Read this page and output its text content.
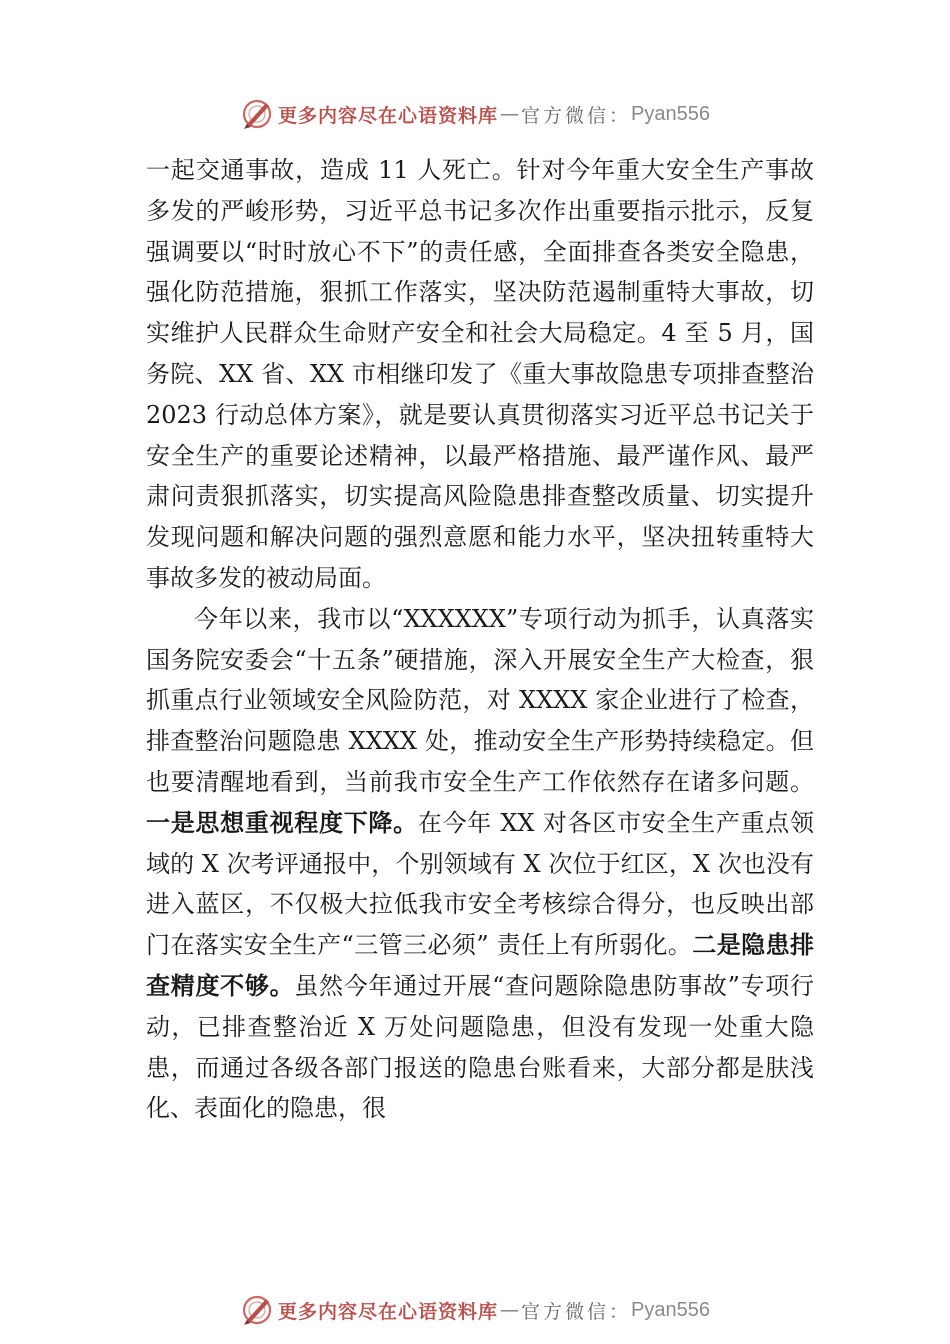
更多内容尽在心语资料库 — 官方微信： Pyan556

一起交通事故，造成 11 人死亡。针对今年重大安全生产事故多发的严峻形势，习近平总书记多次作出重要指示批示，反复强调要以“时时放心不下”的责任感，全面排查各类安全隐患，强化防范措施，狠抓工作落实，坚决防范遏制重特大事故，切实维护人民群众生命财产安全和社会大局稳定。4 至 5 月，国务院、XX 省、XX 市相继印发了《重大事故隐患专项排查整治 2023 行动总体方案》，就是要认真贯彻落实习近平总书记关于安全生产的重要论述精神，以最严格措施、最严谨作风、最严肃问责狠抓落实，切实提高风险隐患排查整改质量、切实提升发现问题和解决问题的强烈意愿和能力水平，坚决扭转重特大事故多发的被动局面。

今年以来，我市以“XXXXXX”专项行动为抓手，认真落实国务院安委会“十五条”硬措施，深入开展安全生产大检查，狠抓重点行业领域安全风险防范，对 XXXX 家企业进行了检查，排查整治问题隐患 XXXX 处，推动安全生产形势持续稳定。但也要清醒地看到，当前我市安全生产工作依然存在诸多问题。一是思想重视程度下降。在今年 XX 对各区市安全生产重点领域的 X 次考评通报中，个别领域有 X 次位于红区，X 次也没有进入蓝区，不仅极大拉低我市安全考核综合得分，也反映出部门在落实安全生产“三管三必须” 责任上有所弱化。二是隐患排查精度不够。虽然今年通过开展“查问题除隐患防事故”专项行动，已排查整治近 X 万处问题隐患，但没有发现一处重大隐患，而通过各级各部门报送的隐患台账看来，大部分都是肤浅化、表面化的隐患，很

更多内容尽在心语资料库 — 官方微信： Pyan556
